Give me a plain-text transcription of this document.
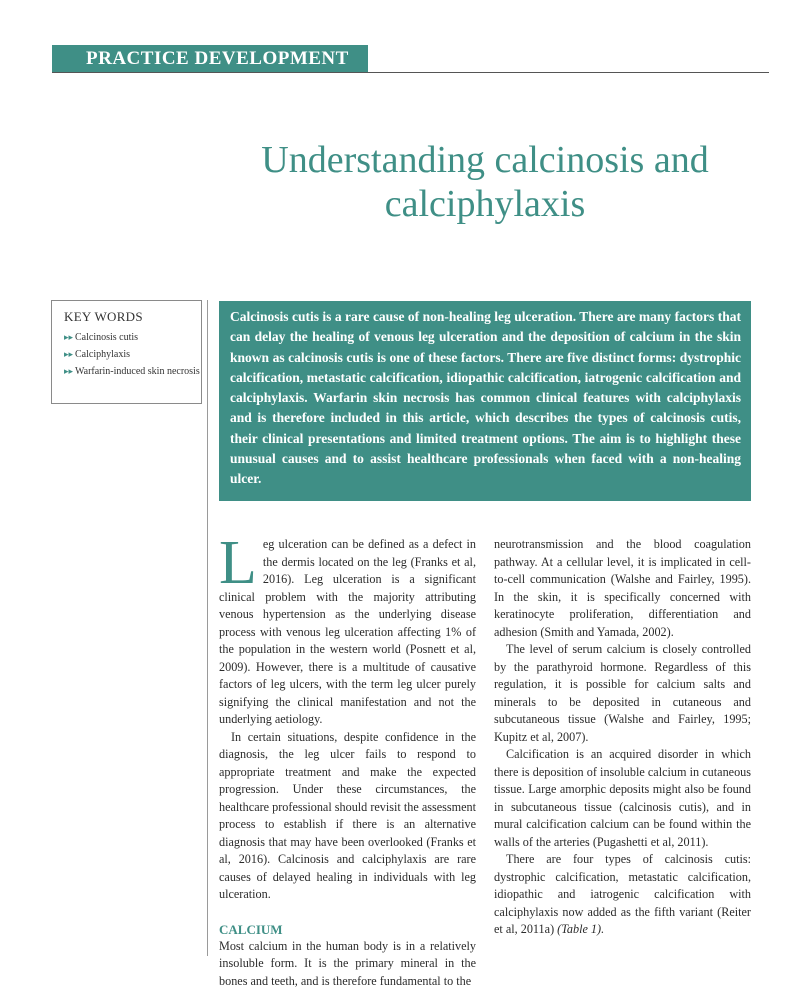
PRACTICE DEVELOPMENT
Understanding calcinosis and
calciphylaxis
KEY WORDS
▸▸ Calcinosis cutis
▸▸ Calciphylaxis
▸▸ Warfarin-induced skin necrosis
Calcinosis cutis is a rare cause of non-healing leg ulceration. There are many factors that can delay the healing of venous leg ulceration and the deposition of calcium in the skin known as calcinosis cutis is one of these factors. There are five distinct forms: dystrophic calcification, metastatic calcification, idiopathic calcification, iatrogenic calcification and calciphylaxis. Warfarin skin necrosis has common clinical features with calciphylaxis and is therefore included in this article, which describes the types of calcinosis cutis, their clinical presentations and limited treatment options. The aim is to highlight these unusual causes and to assist healthcare professionals when faced with a non-healing ulcer.

Leg ulceration can be defined as a defect in the dermis located on the leg (Franks et al, 2016). Leg ulceration is a significant clinical problem with the majority attributing venous hypertension as the underlying disease process with venous leg ulceration affecting 1% of the population in the western world (Posnett et al, 2009). However, there is a multitude of causative factors of leg ulcers, with the term leg ulcer purely signifying the clinical manifestation and not the underlying aetiology.

In certain situations, despite confidence in the diagnosis, the leg ulcer fails to respond to appropriate treatment and make the expected progression. Under these circumstances, the healthcare professional should revisit the assessment process to establish if there is an alternative diagnosis that may have been overlooked (Franks et al, 2016). Calcinosis and calciphylaxis are rare causes of delayed healing in individuals with leg ulceration.

CALCIUM

Most calcium in the human body is in a relatively insoluble form. It is the primary mineral in the bones and teeth, and is therefore fundamental to the

neurotransmission and the blood coagulation pathway. At a cellular level, it is implicated in cell-to-cell communication (Walshe and Fairley, 1995). In the skin, it is specifically concerned with keratinocyte proliferation, differentiation and adhesion (Smith and Yamada, 2002).

The level of serum calcium is closely controlled by the parathyroid hormone. Regardless of this regulation, it is possible for calcium salts and minerals to be deposited in cutaneous and subcutaneous tissue (Walshe and Fairley, 1995; Kupitz et al, 2007).

Calcification is an acquired disorder in which there is deposition of insoluble calcium in cutaneous tissue. Large amorphic deposits might also be found in subcutaneous tissue (calcinosis cutis), and in mural calcification calcium can be found within the walls of the arteries (Pugashetti et al, 2011).

There are four types of calcinosis cutis: dystrophic calcification, metastatic calcification, idiopathic and iatrogenic calcification with calciphylaxis now added as the fifth variant (Reiter et al, 2011a) (Table 1).
